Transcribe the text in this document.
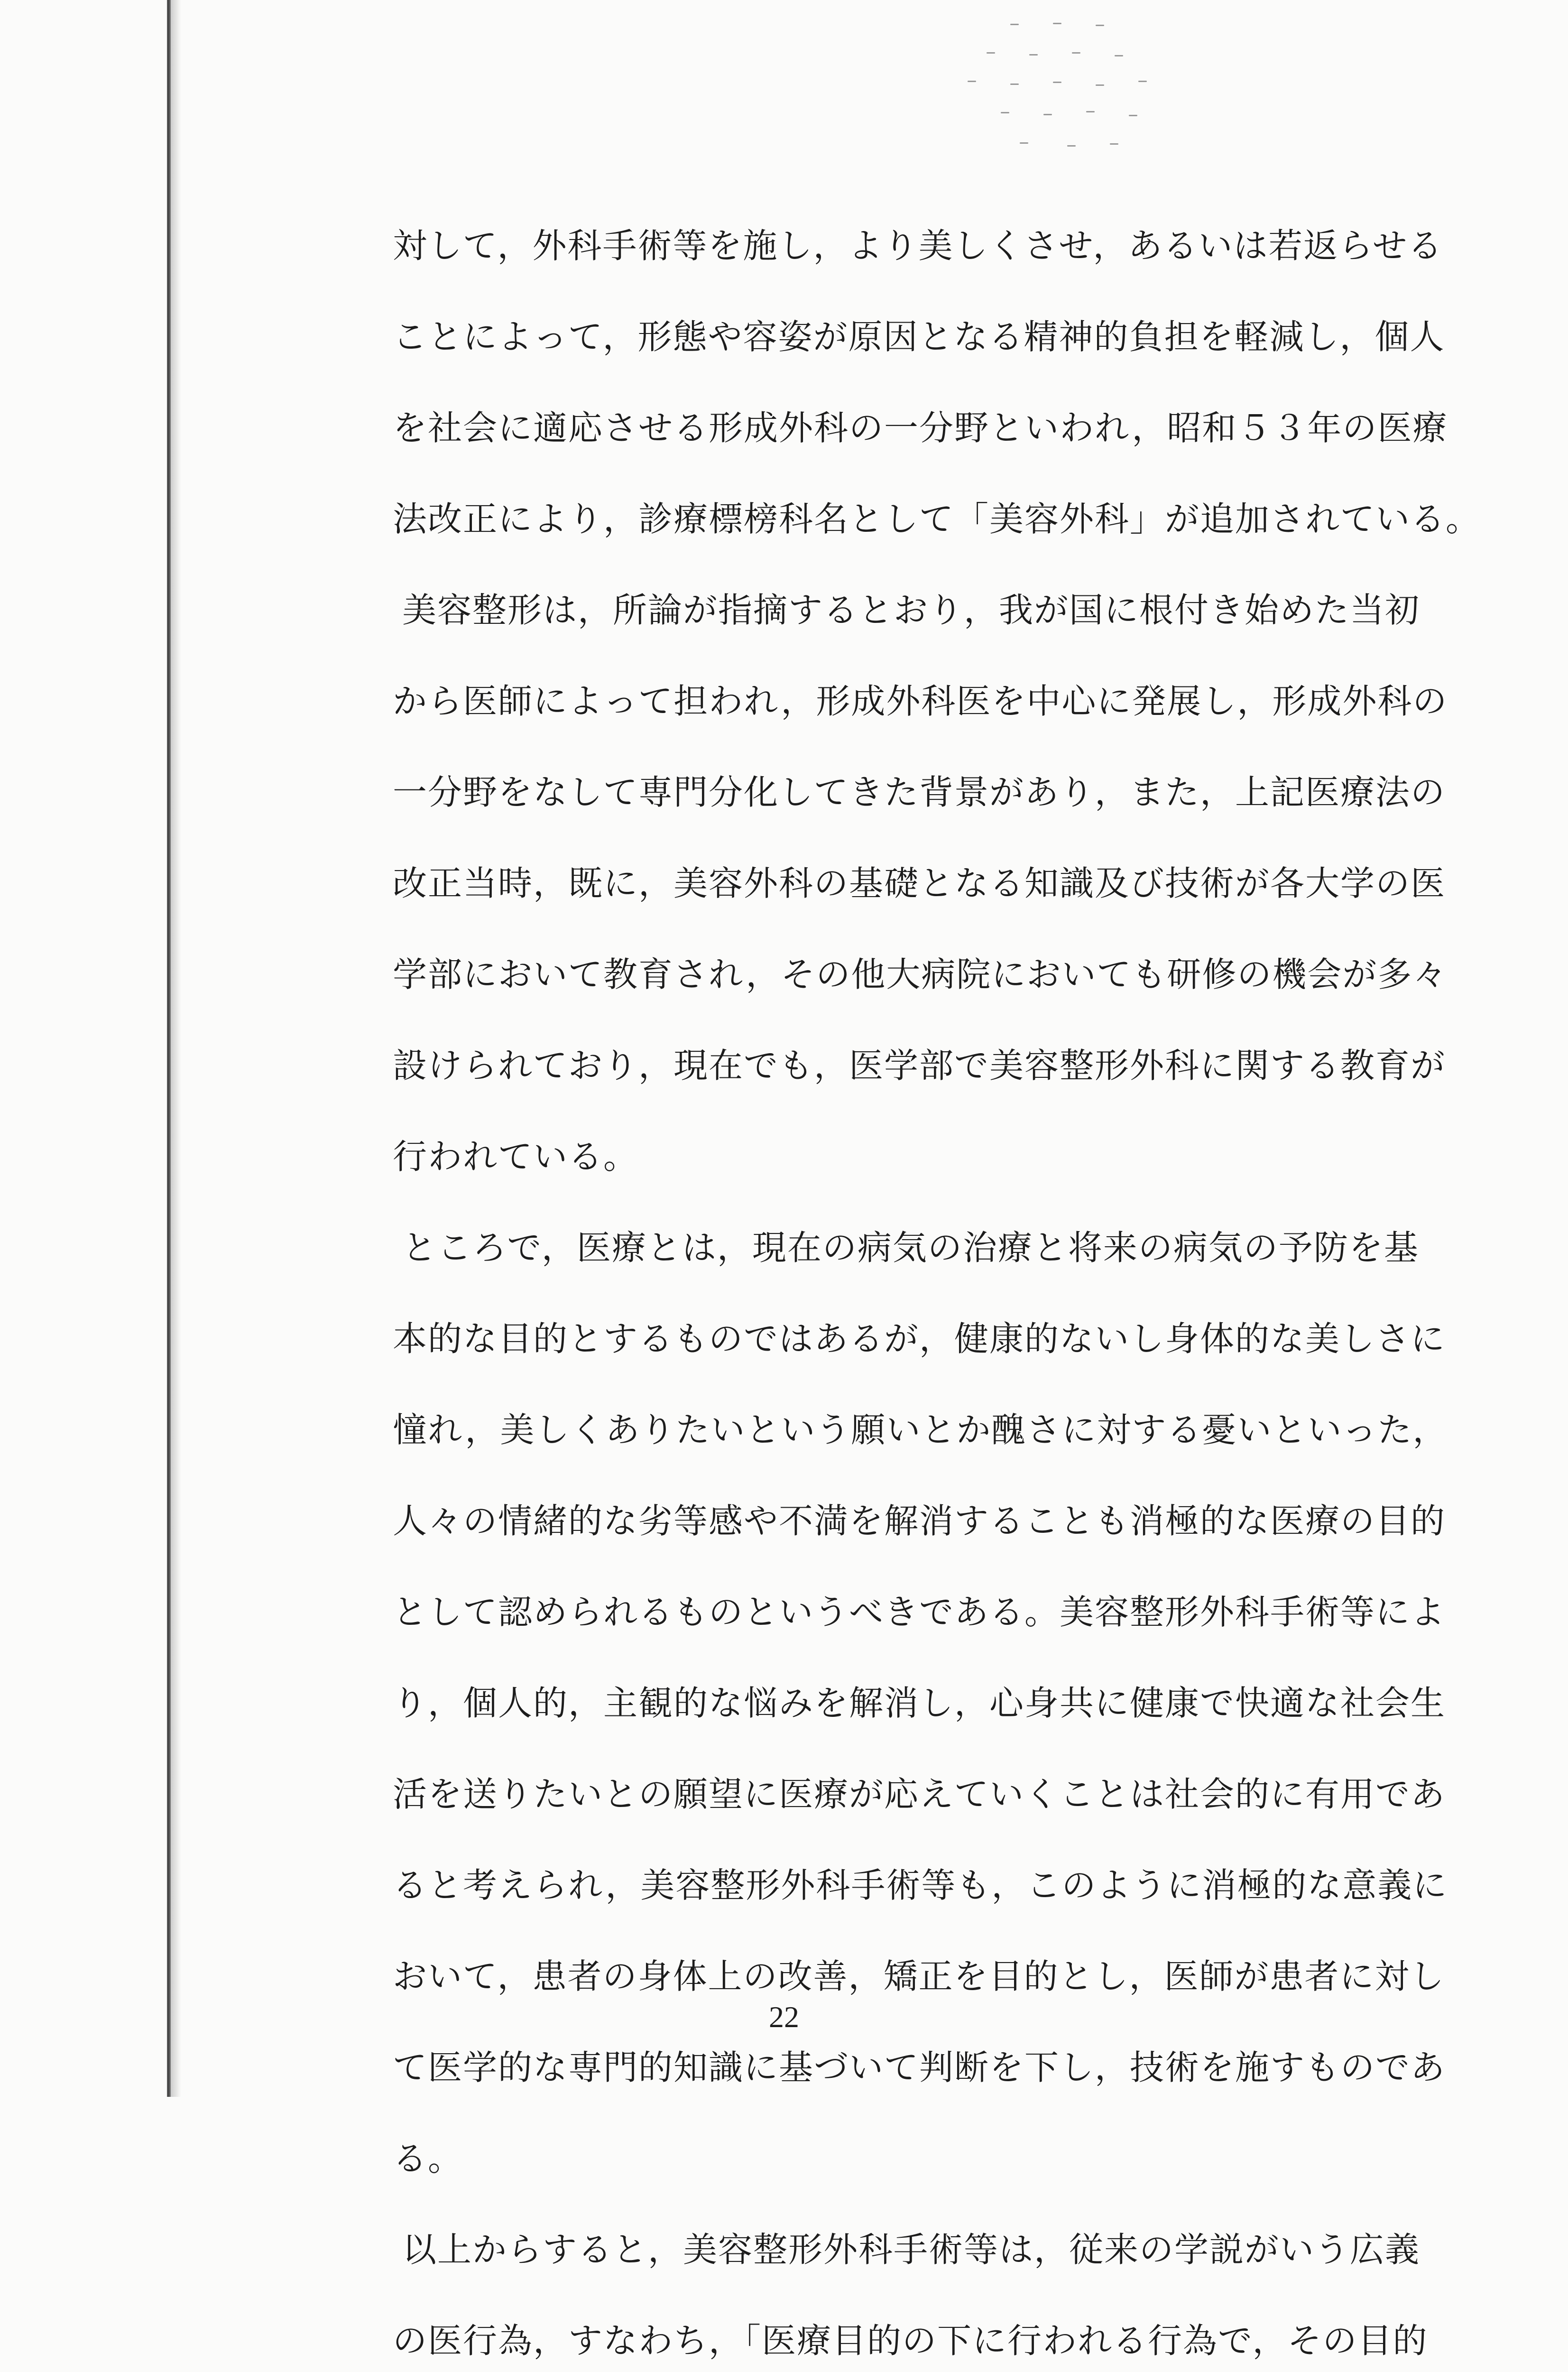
対して，外科手術等を施し，より美しくさせ，あるいは若返らせる
ことによって，形態や容姿が原因となる精神的負担を軽減し，個人
を社会に適応させる形成外科の一分野といわれ，昭和５３年の医療
法改正により，診療標榜科名として「美容外科」が追加されている。
美容整形は，所論が指摘するとおり，我が国に根付き始めた当初
から医師によって担われ，形成外科医を中心に発展し，形成外科の
一分野をなして専門分化してきた背景があり，また，上記医療法の
改正当時，既に，美容外科の基礎となる知識及び技術が各大学の医
学部において教育され，その他大病院においても研修の機会が多々
設けられており，現在でも，医学部で美容整形外科に関する教育が
行われている。
ところで，医療とは，現在の病気の治療と将来の病気の予防を基
本的な目的とするものではあるが，健康的ないし身体的な美しさに
憧れ，美しくありたいという願いとか醜さに対する憂いといった，
人々の情緒的な劣等感や不満を解消することも消極的な医療の目的
として認められるものというべきである。美容整形外科手術等によ
り，個人的，主観的な悩みを解消し，心身共に健康で快適な社会生
活を送りたいとの願望に医療が応えていくことは社会的に有用であ
ると考えられ，美容整形外科手術等も，このように消極的な意義に
おいて，患者の身体上の改善，矯正を目的とし，医師が患者に対し
て医学的な専門的知識に基づいて判断を下し，技術を施すものであ
る。
以上からすると，美容整形外科手術等は，従来の学説がいう広義
の医行為，すなわち，「医療目的の下に行われる行為で，その目的
22
